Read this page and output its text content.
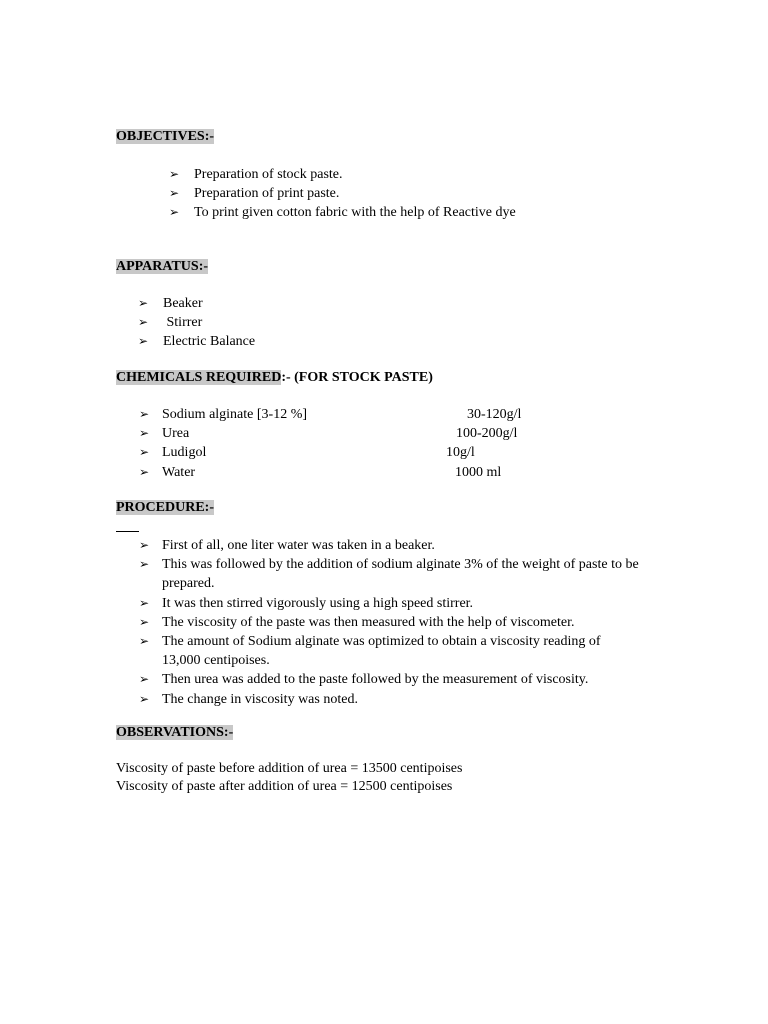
OBJECTIVES:-
➢ Preparation of stock paste.
➢ Preparation of print paste.
➢ To print given cotton fabric with the help of Reactive dye
APPARATUS:-
➢ Beaker
➢ Stirrer
➢ Electric Balance
CHEMICALS REQUIRED:- (FOR STOCK PASTE)
➢ Sodium alginate [3-12 %]	30-120g/l
➢ Urea	100-200g/l
➢ Ludigol	10g/l
➢ Water	1000 ml
PROCEDURE:-
➢ First of all, one liter water was taken in a beaker.
➢ This was followed by the addition of sodium alginate 3% of the weight of paste to be prepared.
➢ It was then stirred vigorously using a high speed stirrer.
➢ The viscosity of the paste was then measured with the help of viscometer.
➢ The amount of Sodium alginate was optimized to obtain a viscosity reading of 13,000 centipoises.
➢ Then urea was added to the paste followed by the measurement of viscosity.
➢ The change in viscosity was noted.
OBSERVATIONS:-
Viscosity of paste before addition of urea = 13500 centipoises
Viscosity of paste after addition of urea = 12500 centipoises
